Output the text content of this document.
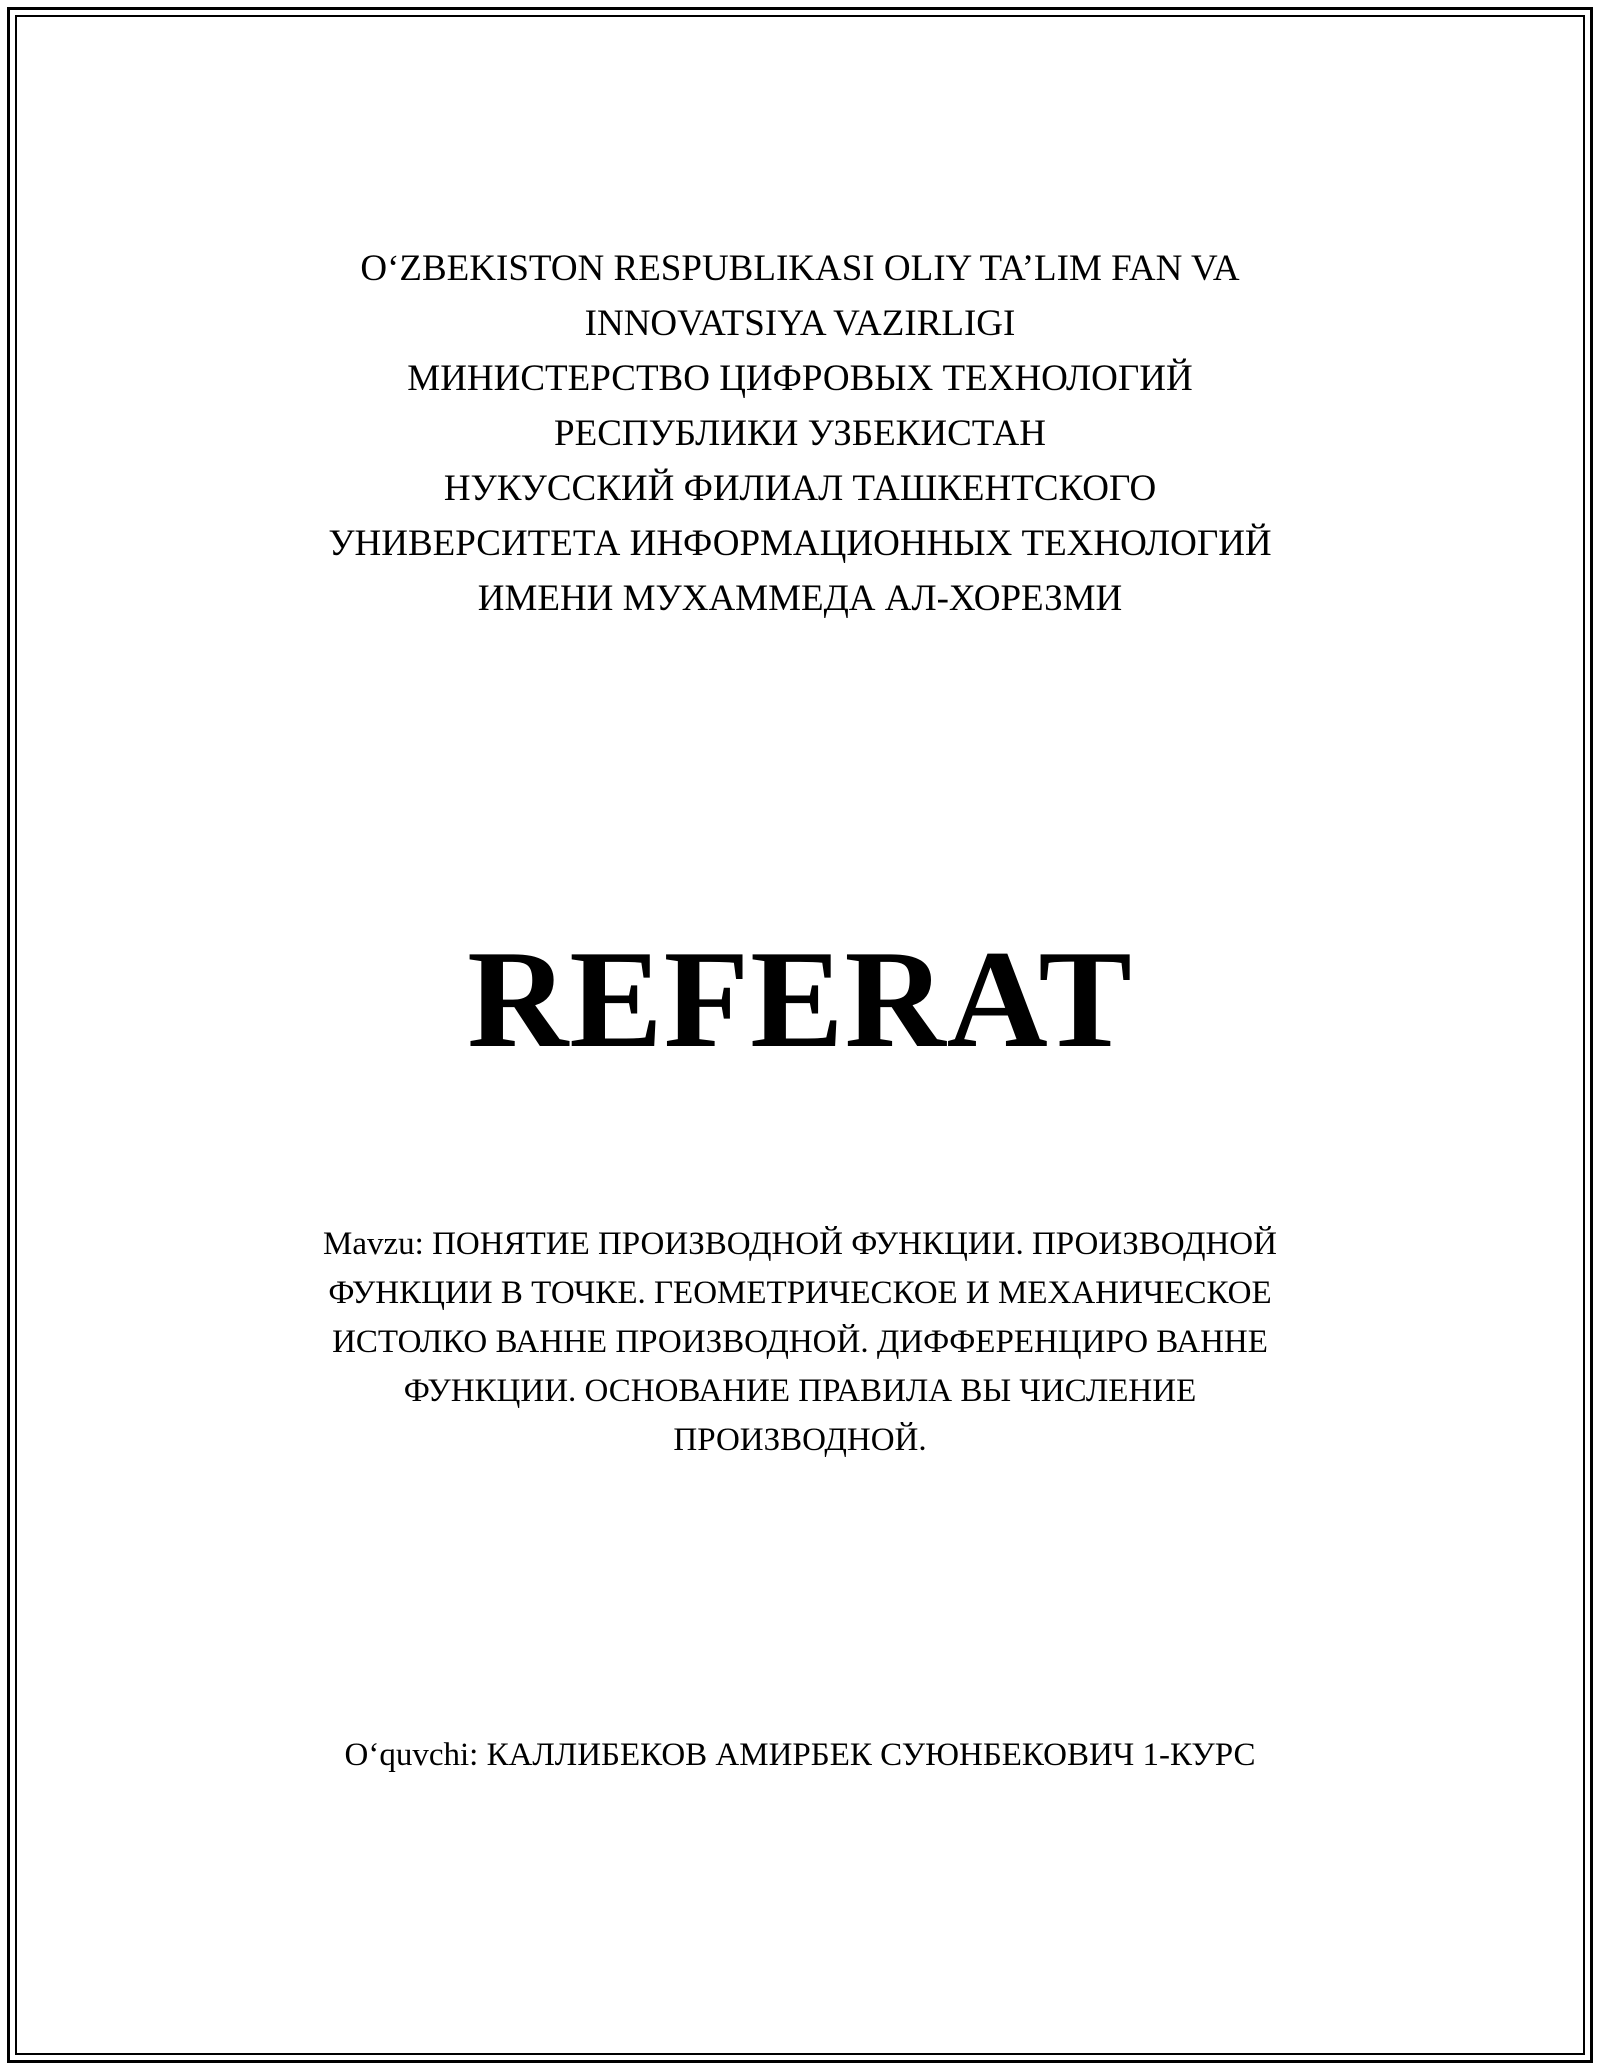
O‘ZBEKISTON RESPUBLIKASI OLIY TA’LIM FAN VA
INNOVATSIYA VAZIRLIGI
МИНИСТЕРСТВО ЦИФРОВЫХ ТЕХНОЛОГИЙ
РЕСПУБЛИКИ УЗБЕКИСТАН
НУКУССКИЙ ФИЛИАЛ ТАШКЕНТСКОГО
УНИВЕРСИТЕТА ИНФОРМАЦИОННЫХ ТЕХНОЛОГИЙ
ИМЕНИ МУХАММЕДА АЛ-ХОРЕЗМИ
REFERAT
Mavzu: ПОНЯТИЕ ПРОИЗВОДНОЙ ФУНКЦИИ. ПРОИЗВОДНОЙ
ФУНКЦИИ В ТОЧКЕ. ГЕОМЕТРИЧЕСКОЕ И МЕХАНИЧЕСКОЕ
ИСТОЛКО ВАННЕ ПРОИЗВОДНОЙ. ДИФФЕРЕНЦИРО ВАННЕ
ФУНКЦИИ. ОСНОВАНИЕ ПРАВИЛА ВЫ ЧИСЛЕНИЕ
ПРОИЗВОДНОЙ.
O‘quvchi: КАЛЛИБЕКОВ АМИРБЕК СУЮНБЕКОВИЧ 1-КУРС
